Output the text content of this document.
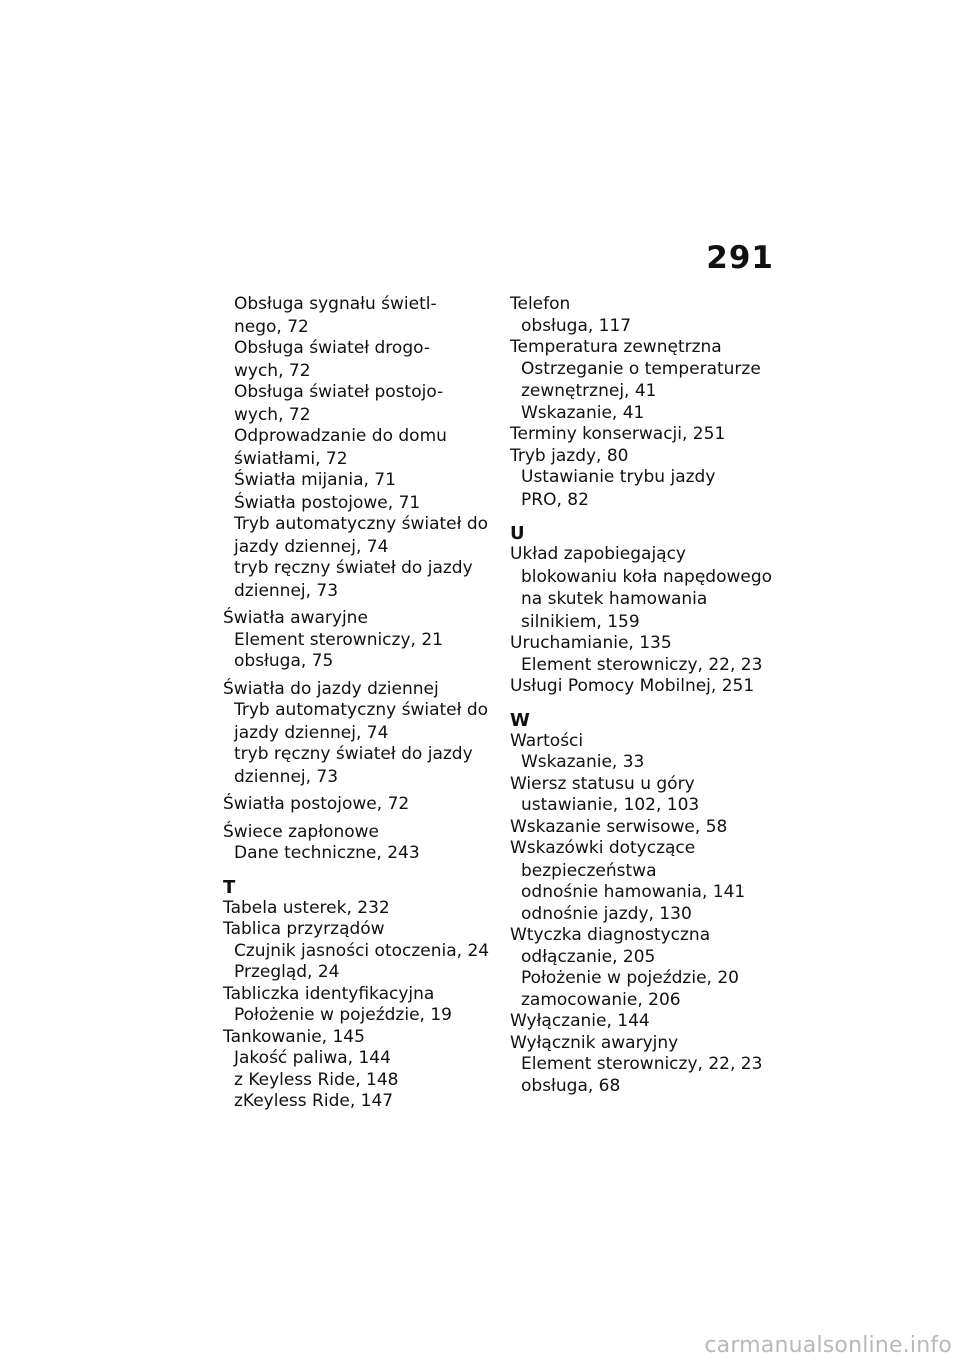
291
Obsługa sygnału świetl-
nego, 72
Obsługa świateł drogo-
wych, 72
Obsługa świateł postojo-
wych, 72
Odprowadzanie do domu
światłami, 72
Światła mijania, 71
Światła postojowe, 71
Tryb automatyczny świateł do
jazdy dziennej, 74
tryb ręczny świateł do jazdy
dziennej, 73
Światła awaryjne
Element sterowniczy, 21
obsługa, 75
Światła do jazdy dziennej
Tryb automatyczny świateł do
jazdy dziennej, 74
tryb ręczny świateł do jazdy
dziennej, 73
Światła postojowe, 72
Świece zapłonowe
Dane techniczne, 243
T
Tabela usterek, 232
Tablica przyrządów
Czujnik jasności otoczenia, 24
Przegląd, 24
Tabliczka identyfikacyjna
Położenie w pojeździe, 19
Tankowanie, 145
Jakość paliwa, 144
z Keyless Ride, 148
zKeyless Ride, 147
Telefon
obsługa, 117
Temperatura zewnętrzna
Ostrzeganie o temperaturze
zewnętrznej, 41
Wskazanie, 41
Terminy konserwacji, 251
Tryb jazdy, 80
Ustawianie trybu jazdy
PRO, 82
U
Układ zapobiegający
blokowaniu koła napędowego
na skutek hamowania
silnikiem, 159
Uruchamianie, 135
Element sterowniczy, 22, 23
Usługi Pomocy Mobilnej, 251
W
Wartości
Wskazanie, 33
Wiersz statusu u góry
ustawianie, 102, 103
Wskazanie serwisowe, 58
Wskazówki dotyczące
bezpieczeństwa
odnośnie hamowania, 141
odnośnie jazdy, 130
Wtyczka diagnostyczna
odłączanie, 205
Położenie w pojeździe, 20
zamocowanie, 206
Wyłączanie, 144
Wyłącznik awaryjny
Element sterowniczy, 22, 23
obsługa, 68
carmanualsonline.info
